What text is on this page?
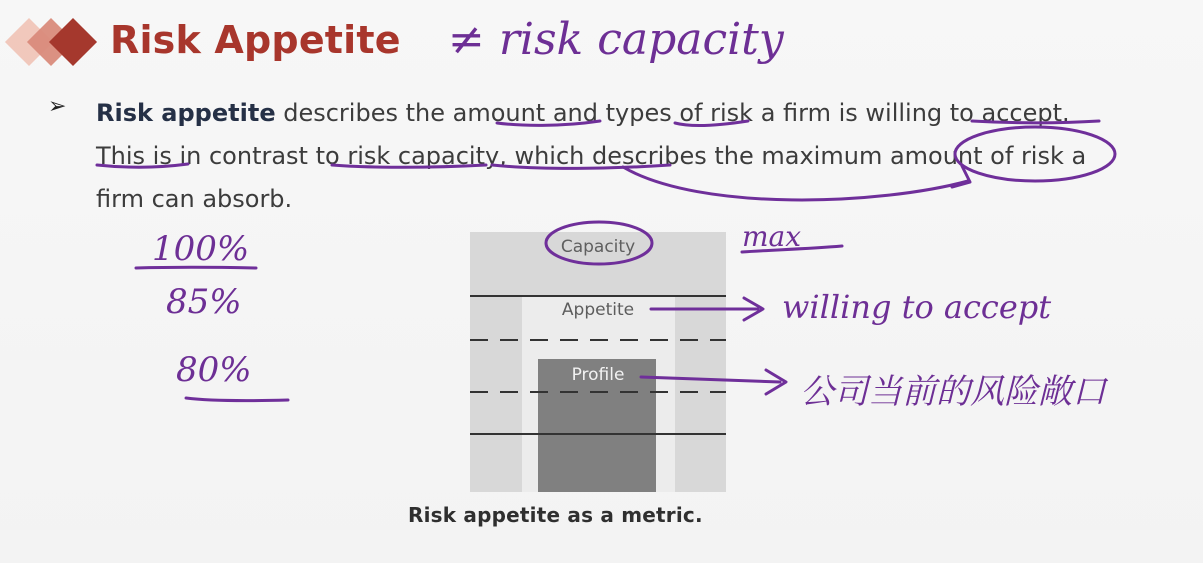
Risk Appetite
➢ Risk appetite describes the amount and types of risk a firm is willing to accept. This is in contrast to risk capacity, which describes the maximum amount of risk a firm can absorb.
Capacity
Appetite
Profile
Risk appetite as a metric.
≠ risk capacity
100%
85%
80%
max
willing to accept
公司当前的风险敞口
